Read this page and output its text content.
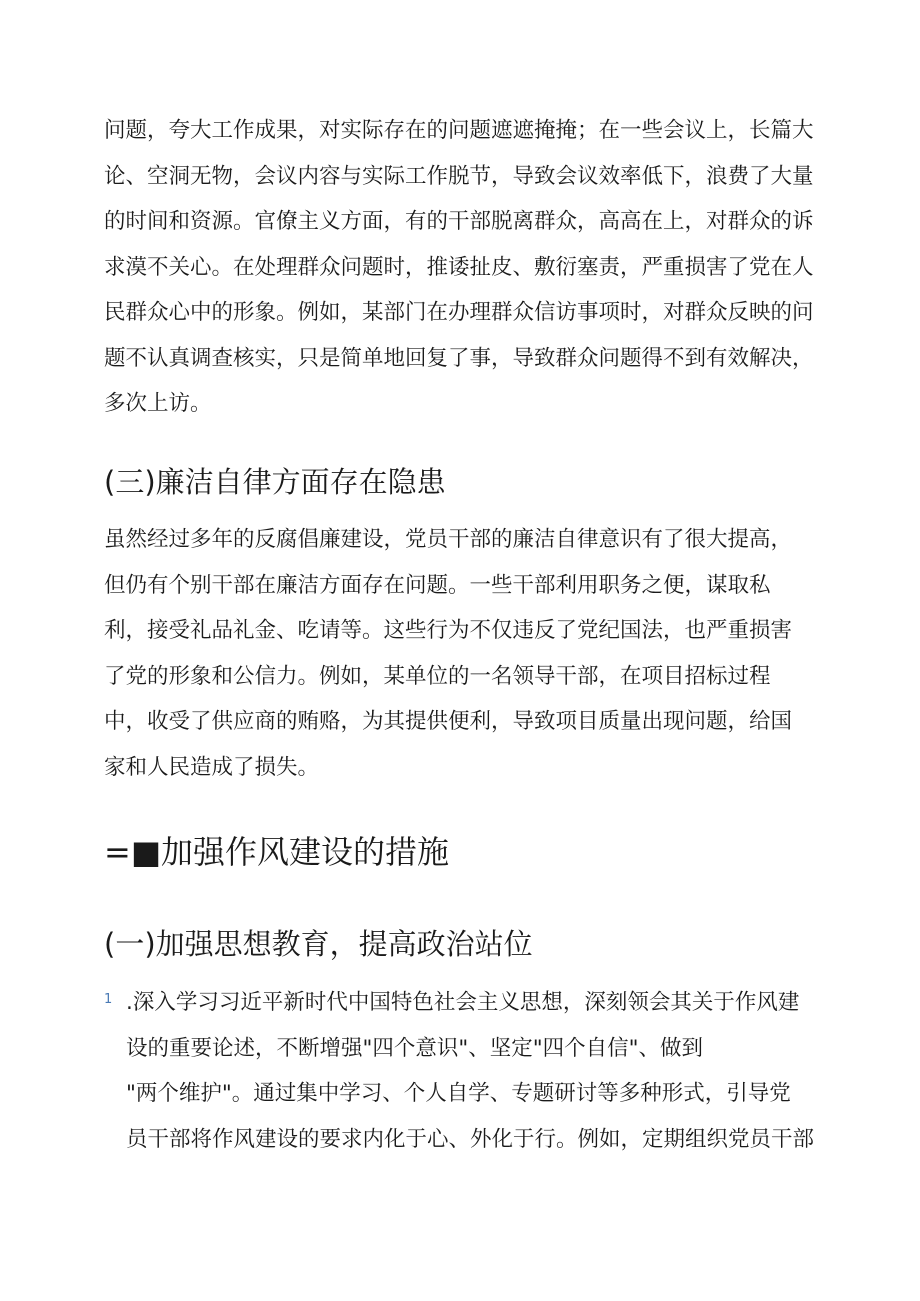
问题，夸大工作成果，对实际存在的问题遮遮掩掩；在一些会议上，长篇大
论、空洞无物，会议内容与实际工作脱节，导致会议效率低下，浪费了大量
的时间和资源。官僚主义方面，有的干部脱离群众，高高在上，对群众的诉
求漠不关心。在处理群众问题时，推诿扯皮、敷衍塞责，严重损害了党在人
民群众心中的形象。例如，某部门在办理群众信访事项时，对群众反映的问
题不认真调查核实，只是简单地回复了事，导致群众问题得不到有效解决，
多次上访。
(三)廉洁自律方面存在隐患
虽然经过多年的反腐倡廉建设，党员干部的廉洁自律意识有了很大提高，
但仍有个别干部在廉洁方面存在问题。一些干部利用职务之便，谋取私
利，接受礼品礼金、吃请等。这些行为不仅违反了党纪国法，也严重损害
了党的形象和公信力。例如，某单位的一名领导干部，在项目招标过程
中，收受了供应商的贿赂，为其提供便利，导致项目质量出现问题，给国
家和人民造成了损失。
=■加强作风建设的措施
(一)加强思想教育，提高政治站位
1 .深入学习习近平新时代中国特色社会主义思想，深刻领会其关于作风建
设的重要论述，不断增强"四个意识"、坚定"四个自信"、做到
"两个维护"。通过集中学习、个人自学、专题研讨等多种形式，引导党
员干部将作风建设的要求内化于心、外化于行。例如，定期组织党员干部
